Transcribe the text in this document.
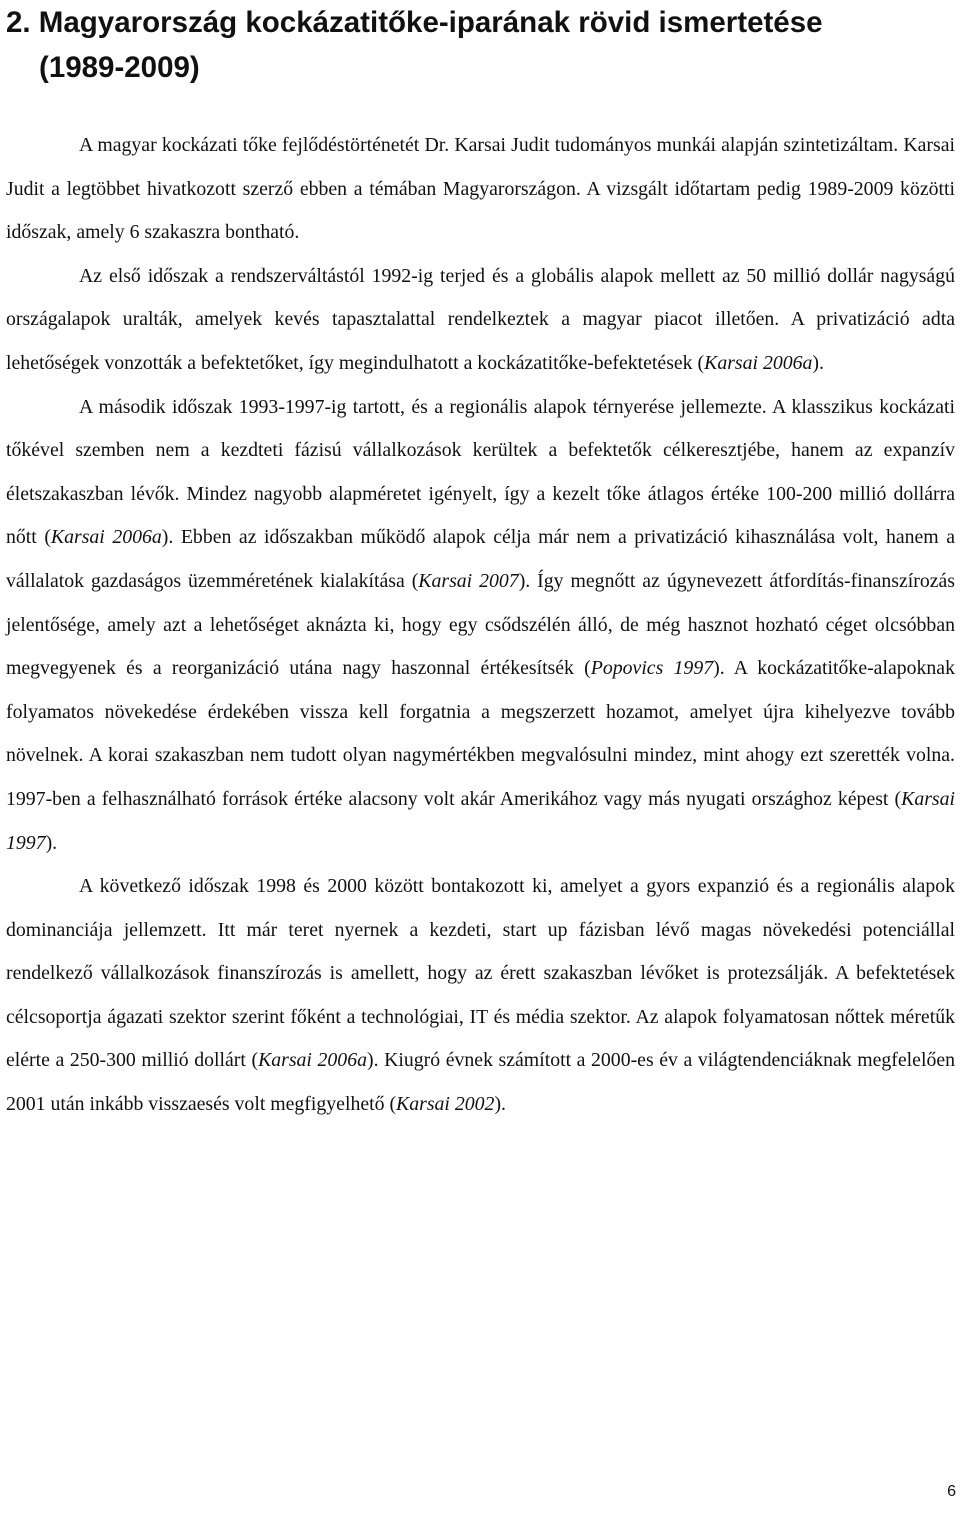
2. Magyarország kockázatitőke-iparának rövid ismertetése
(1989-2009)

A magyar kockázati tőke fejlődéstörténetét Dr. Karsai Judit tudományos munkái alapján szintetizáltam. Karsai Judit a legtöbbet hivatkozott szerző ebben a témában Magyarországon. A vizsgált időtartam pedig 1989-2009 közötti időszak, amely 6 szakaszra bontható.

Az első időszak a rendszerváltástól 1992-ig terjed és a globális alapok mellett az 50 millió dollár nagyságú országalapok uralták, amelyek kevés tapasztalattal rendelkeztek a magyar piacot illetően. A privatizáció adta lehetőségek vonzották a befektetőket, így megindulhatott a kockázatitőke-befektetések (Karsai 2006a).

A második időszak 1993-1997-ig tartott, és a regionális alapok térnyerése jellemezte. A klasszikus kockázati tőkével szemben nem a kezdteti fázisú vállalkozások kerültek a befektetők célkeresztjébe, hanem az expanzív életszakaszban lévők. Mindez nagyobb alapméretet igényelt, így a kezelt tőke átlagos értéke 100-200 millió dollárra nőtt (Karsai 2006a). Ebben az időszakban működő alapok célja már nem a privatizáció kihasználása volt, hanem a vállalatok gazdaságos üzemméretének kialakítása (Karsai 2007). Így megnőtt az úgynevezett átfordítás-finanszírozás jelentősége, amely azt a lehetőséget aknázta ki, hogy egy csődszélén álló, de még hasznot hozható céget olcsóbban megvegyenek és a reorganizáció utána nagy haszonnal értékesítsék (Popovics 1997). A kockázatitőke-alapoknak folyamatos növekedése érdekében vissza kell forgatnia a megszerzett hozamot, amelyet újra kihelyezve tovább növelnek. A korai szakaszban nem tudott olyan nagymértékben megvalósulni mindez, mint ahogy ezt szerették volna. 1997-ben a felhasználható források értéke alacsony volt akár Amerikához vagy más nyugati országhoz képest (Karsai 1997).

A következő időszak 1998 és 2000 között bontakozott ki, amelyet a gyors expanzió és a regionális alapok dominanciája jellemzett. Itt már teret nyernek a kezdeti, start up fázisban lévő magas növekedési potenciállal rendelkező vállalkozások finanszírozás is amellett, hogy az érett szakaszban lévőket is protezsálják. A befektetések célcsoportja ágazati szektor szerint főként a technológiai, IT és média szektor. Az alapok folyamatosan nőttek méretűk elérte a 250-300 millió dollárt (Karsai 2006a). Kiugró évnek számított a 2000-es év a világtendenciáknak megfelelően 2001 után inkább visszaesés volt megfigyelhető (Karsai 2002).

6
